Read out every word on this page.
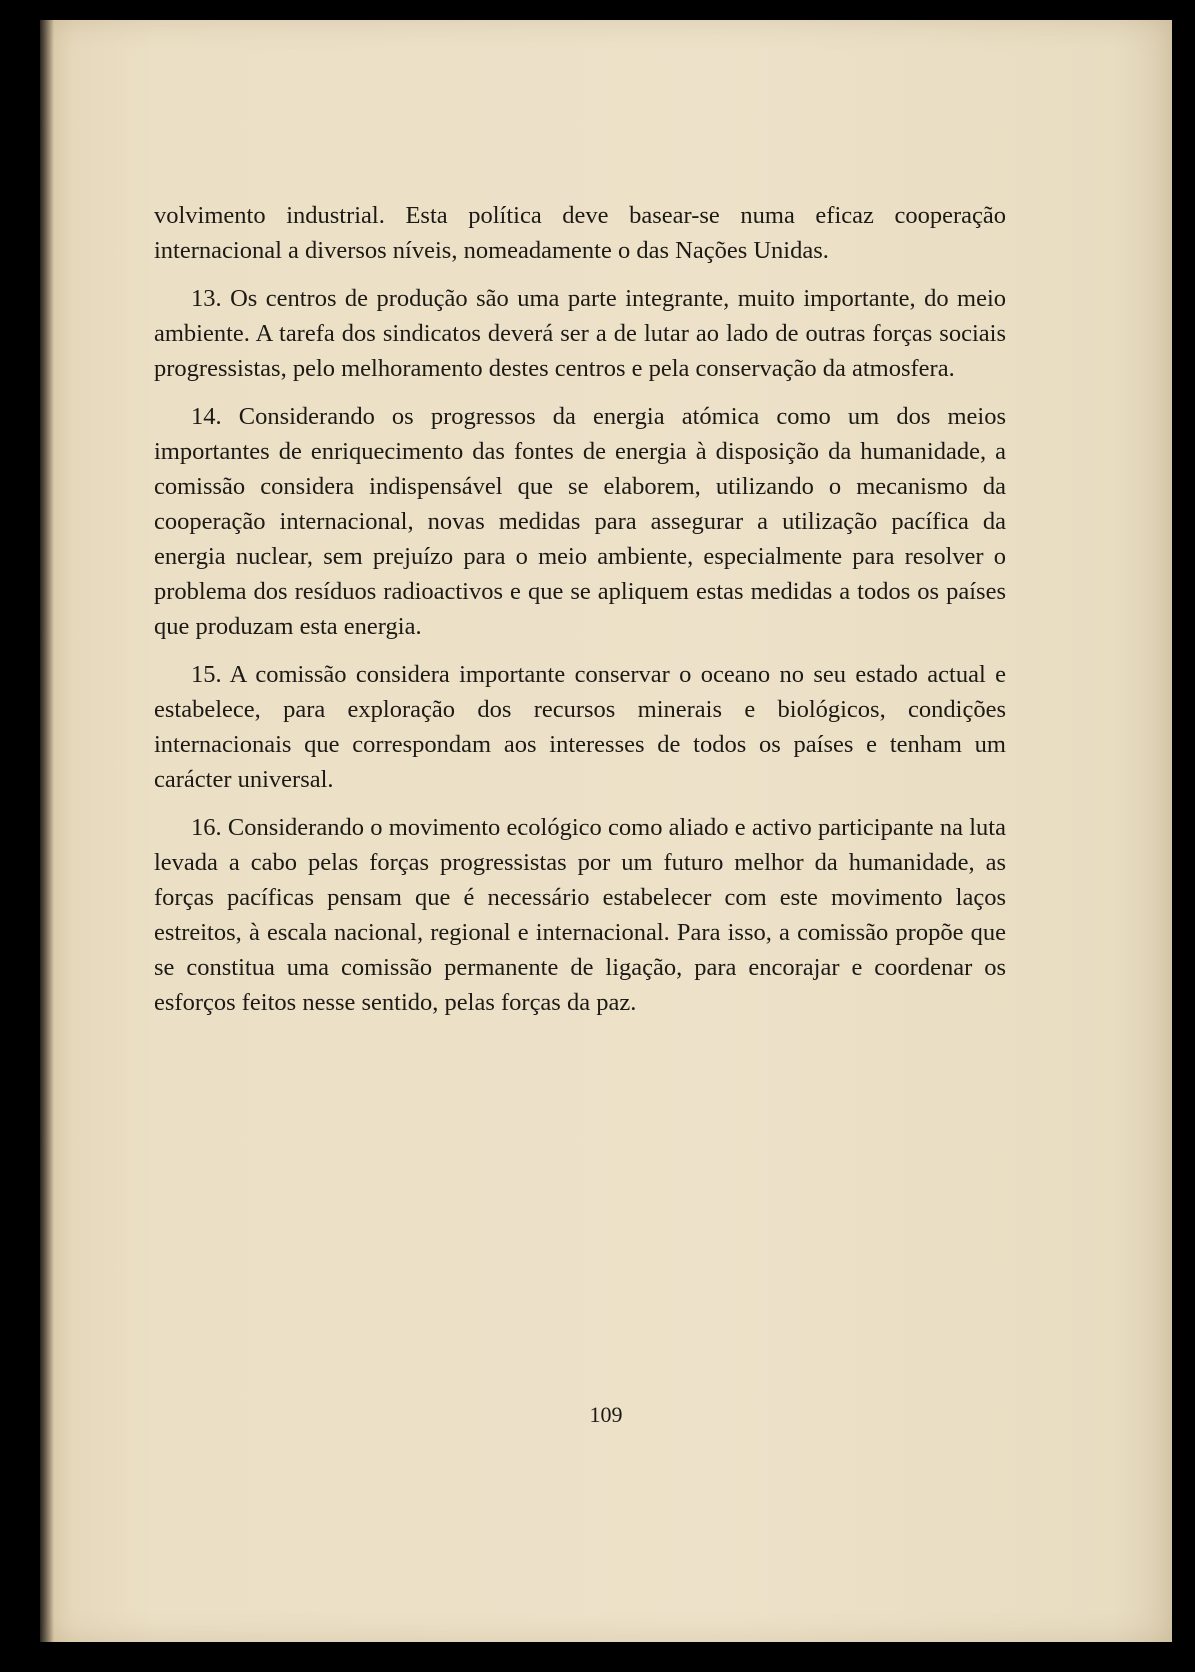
volvimento industrial. Esta política deve basear-se numa eficaz cooperação internacional a diversos níveis, nomeadamente o das Nações Unidas.

13. Os centros de produção são uma parte integrante, muito importante, do meio ambiente. A tarefa dos sindicatos deverá ser a de lutar ao lado de outras forças sociais progressistas, pelo melhoramento destes centros e pela conservação da atmosfera.

14. Considerando os progressos da energia atómica como um dos meios importantes de enriquecimento das fontes de energia à disposição da humanidade, a comissão considera indispensável que se elaborem, utilizando o mecanismo da cooperação internacional, novas medidas para assegurar a utilização pacífica da energia nuclear, sem prejuízo para o meio ambiente, especialmente para resolver o problema dos resíduos radioactivos e que se apliquem estas medidas a todos os países que produzam esta energia.

15. A comissão considera importante conservar o oceano no seu estado actual e estabelece, para exploração dos recursos minerais e biológicos, condições internacionais que correspondam aos interesses de todos os países e tenham um carácter universal.

16. Considerando o movimento ecológico como aliado e activo participante na luta levada a cabo pelas forças progressistas por um futuro melhor da humanidade, as forças pacíficas pensam que é necessário estabelecer com este movimento laços estreitos, à escala nacional, regional e internacional. Para isso, a comissão propõe que se constitua uma comissão permanente de ligação, para encorajar e coordenar os esforços feitos nesse sentido, pelas forças da paz.

109
